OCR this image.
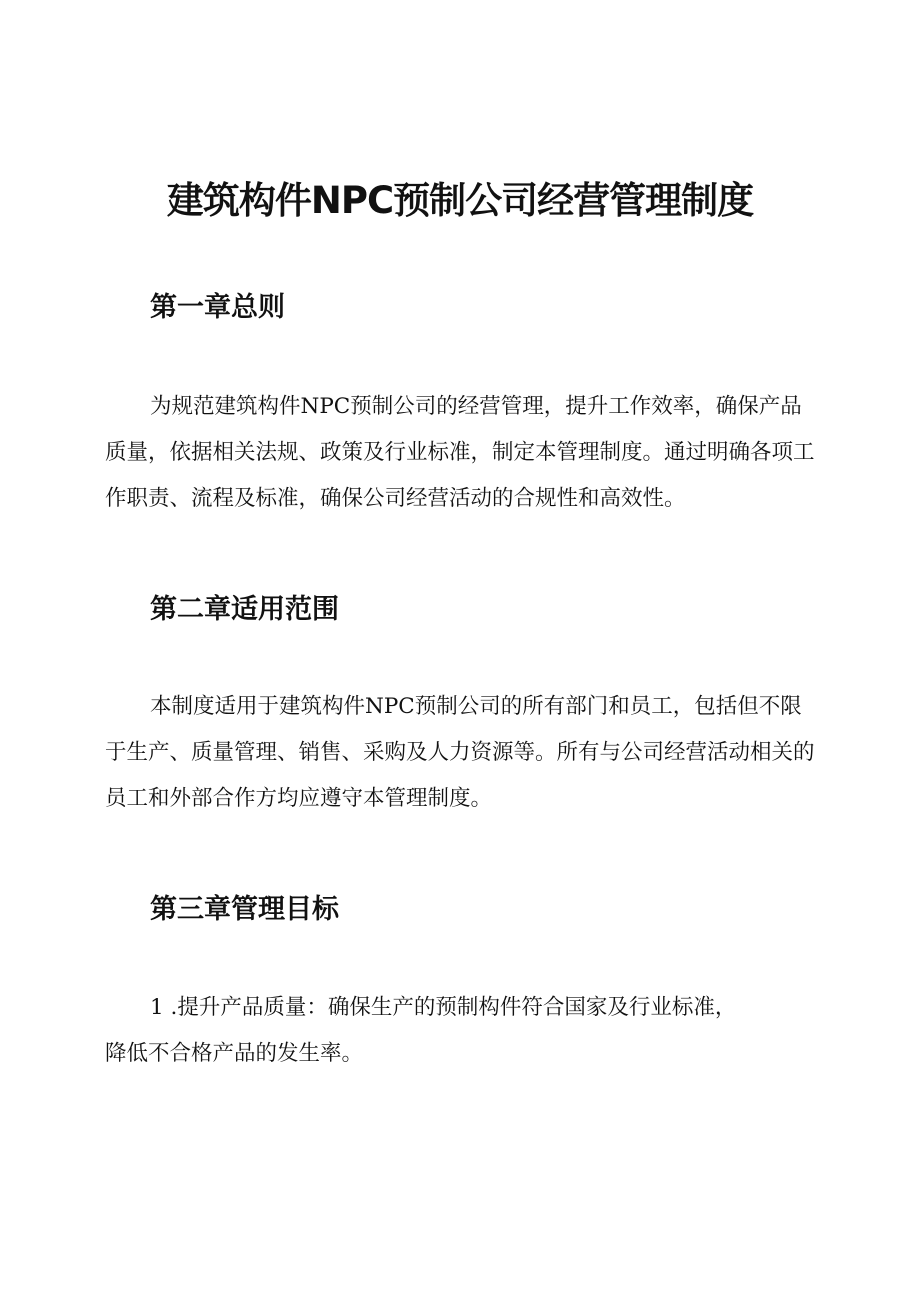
建筑构件NPC预制公司经营管理制度
第一章总则

为规范建筑构件NPC预制公司的经营管理，提升工作效率，确保产品
质量，依据相关法规、政策及行业标准，制定本管理制度。通过明确各项工
作职责、流程及标准，确保公司经营活动的合规性和高效性。

第二章适用范围

本制度适用于建筑构件NPC预制公司的所有部门和员工，包括但不限
于生产、质量管理、销售、采购及人力资源等。所有与公司经营活动相关的
员工和外部合作方均应遵守本管理制度。

第三章管理目标

1 .提升产品质量：确保生产的预制构件符合国家及行业标准，
降低不合格产品的发生率。
